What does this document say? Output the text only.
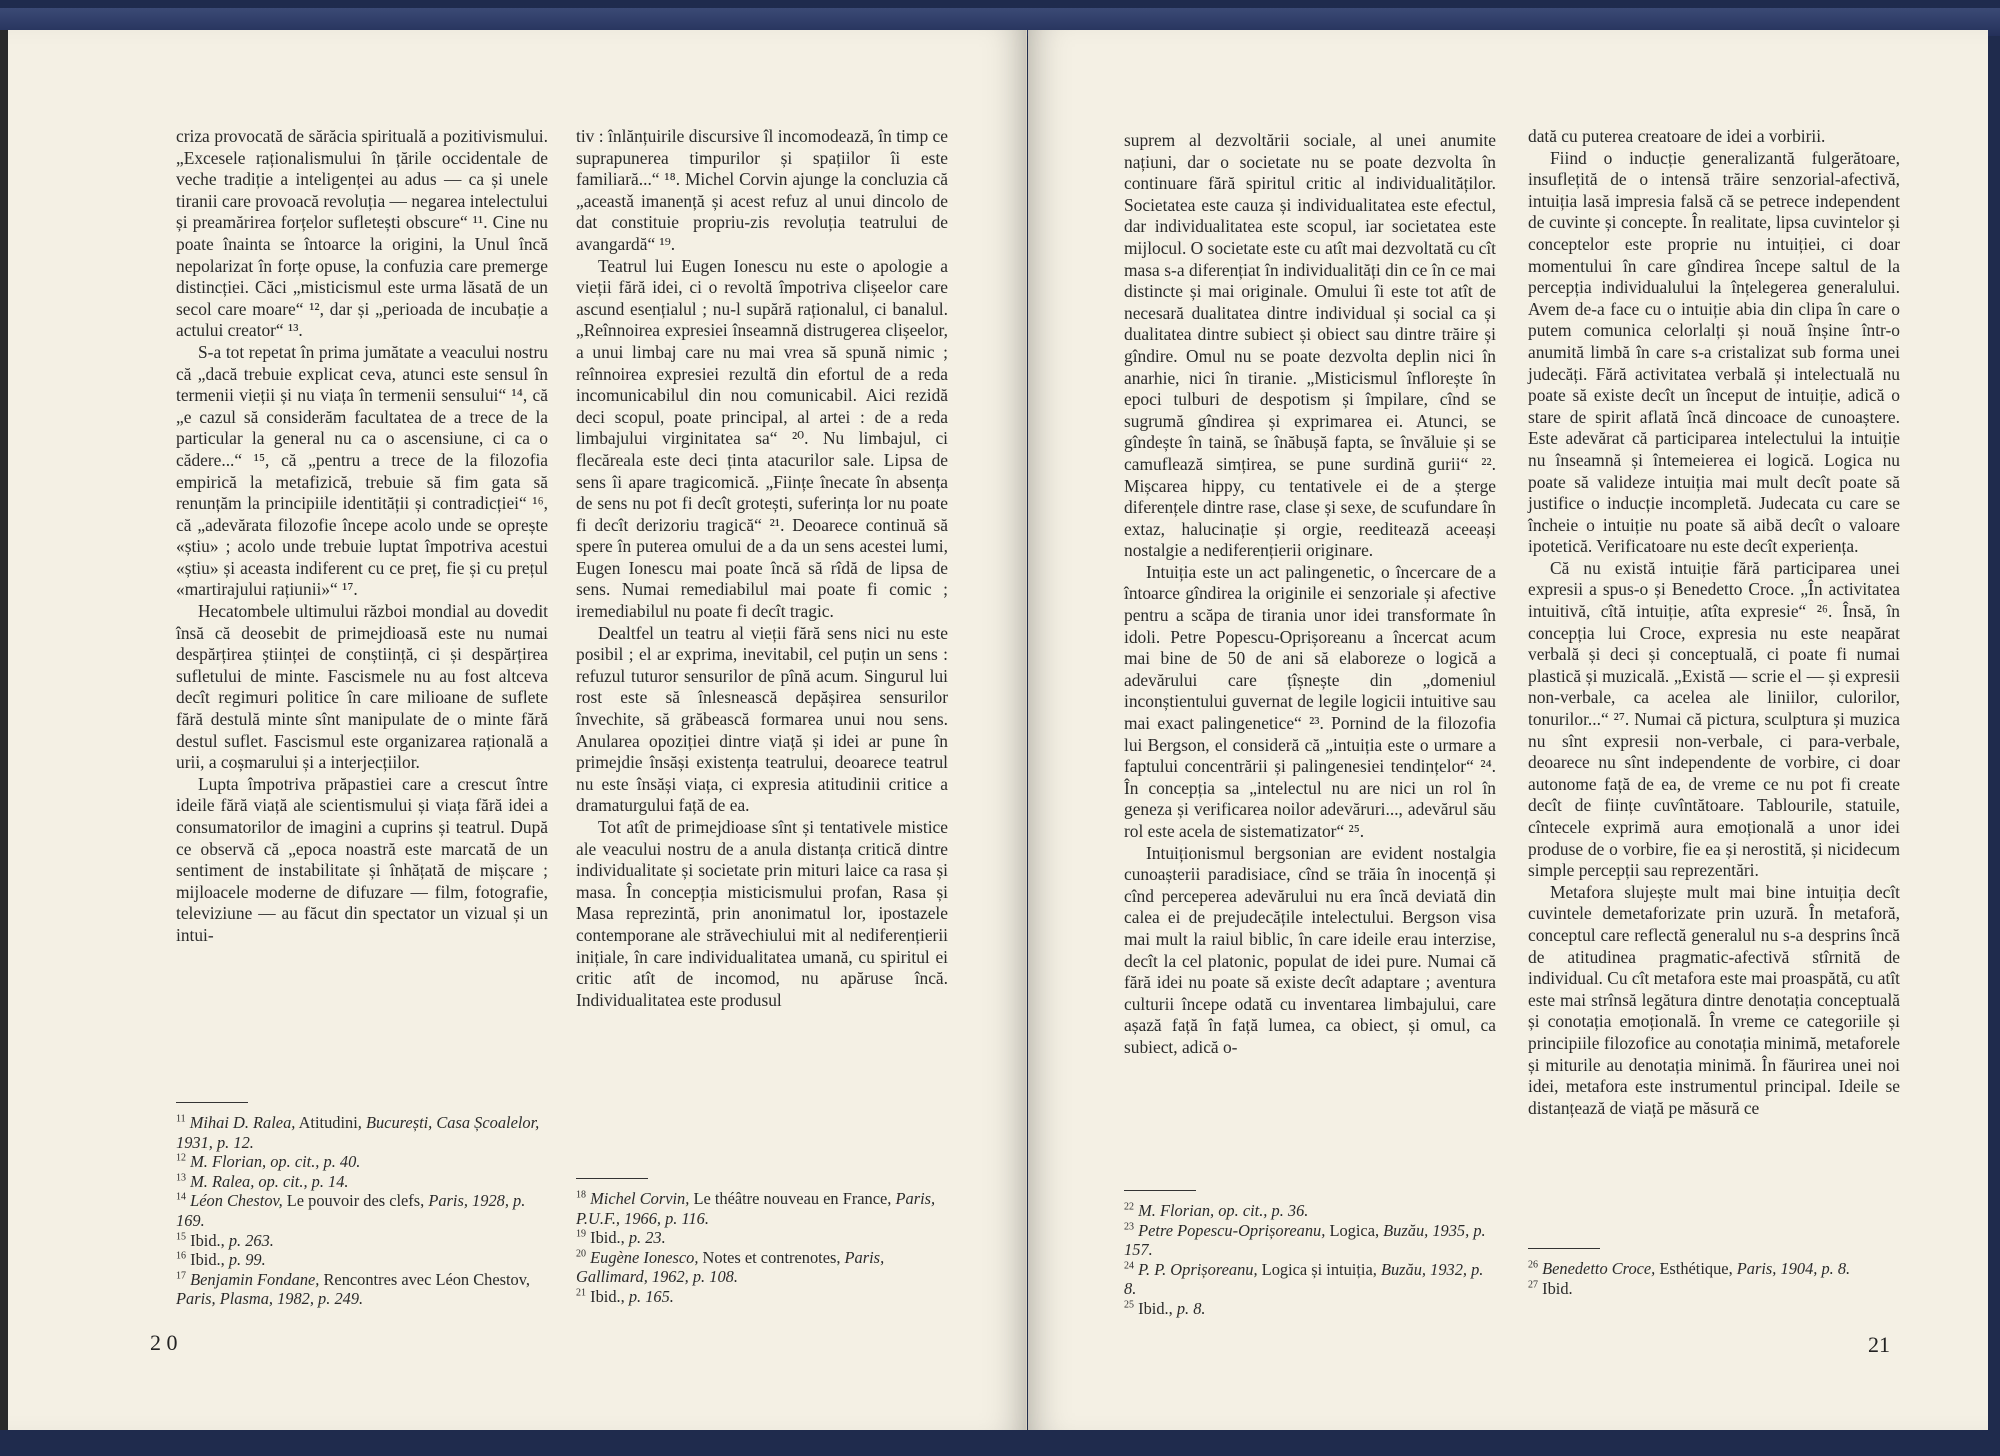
criza provocată de sărăcia spirituală a pozitivismului. „Excesele raționalismului în țările occidentale de veche tradiție a inteligenței au adus — ca și unele tiranii care provoacă revoluția — negarea intelectului și preamărirea forțelor sufletești obscure“ ¹¹. Cine nu poate înainta se întoarce la origini, la Unul încă nepolarizat în forțe opuse, la confuzia care premerge distincției. Căci „misticismul este urma lăsată de un secol care moare“ ¹², dar și „perioada de incubație a actului creator“ ¹³.

S-a tot repetat în prima jumătate a veacului nostru că „dacă trebuie explicat ceva, atunci este sensul în termenii vieții și nu viața în termenii sensului“ ¹⁴, că „e cazul să considerăm facultatea de a trece de la particular la general nu ca o ascensiune, ci ca o cădere...“ ¹⁵, că „pentru a trece de la filozofia empirică la metafizică, trebuie să fim gata să renunțăm la principiile identității și contradicției“ ¹⁶, că „adevărata filozofie începe acolo unde se oprește «știu» ; acolo unde trebuie luptat împotriva acestui «știu» și aceasta indiferent cu ce preț, fie și cu prețul «martirajului rațiunii»“ ¹⁷.

Hecatombele ultimului război mondial au dovedit însă că deosebit de primejdioasă este nu numai despărțirea științei de conștiință, ci și despărțirea sufletului de minte. Fascismele nu au fost altceva decît regimuri politice în care milioane de suflete fără destulă minte sînt manipulate de o minte fără destul suflet. Fascismul este organizarea rațională a urii, a coșmarului și a interjecțiilor.

Lupta împotriva prăpastiei care a crescut între ideile fără viață ale scientismului și viața fără idei a consumatorilor de imagini a cuprins și teatrul. După ce observă că „epoca noastră este marcată de un sentiment de instabilitate și înhățată de mișcare ; mijloacele moderne de difuzare — film, fotografie, televiziune — au făcut din spectator un vizual și un intui-

$^{11}$ Mihai D. Ralea, Atitudini, București, Casa Școalelor, 1931, p. 12.

$^{12}$ M. Florian, op. cit., p. 40.

$^{13}$ M. Ralea, op. cit., p. 14.

$^{14}$ Léon Chestov, Le pouvoir des clefs, Paris, 1928, p. 169.

$^{15}$ Ibid., p. 263.

$^{16}$ Ibid., p. 99.

$^{17}$ Benjamin Fondane, Rencontres avec Léon Chestov, Paris, Plasma, 1982, p. 249.

tiv : înlănțuirile discursive îl incomodează, în timp ce suprapunerea timpurilor și spațiilor îi este familiară...“ ¹⁸. Michel Corvin ajunge la concluzia că „aceastǎ imanență și acest refuz al unui dincolo de dat constituie propriu-zis revoluția teatrului de avangardă“ ¹⁹.

Teatrul lui Eugen Ionescu nu este o apologie a vieții fără idei, ci o revoltă împotriva clișeelor care ascund esențialul ; nu-l supără raționalul, ci banalul. „Reînnoirea expresiei înseamnă distrugerea clișeelor, a unui limbaj care nu mai vrea să spună nimic ; reînnoirea expresiei rezultă din efortul de a reda incomunicabilul din nou comunicabil. Aici rezidă deci scopul, poate principal, al artei : de a reda limbajului virginitatea sa“ ²⁰. Nu limbajul, ci flecăreala este deci ținta atacurilor sale. Lipsa de sens îi apare tragicomică. „Ființe înecate în absența de sens nu pot fi decît grotești, suferința lor nu poate fi decît derizoriu tragică“ ²¹. Deoarece continuă să spere în puterea omului de a da un sens acestei lumi, Eugen Ionescu mai poate încă să rîdă de lipsa de sens. Numai remediabilul mai poate fi comic ; iremediabilul nu poate fi decît tragic.

Dealtfel un teatru al vieții fără sens nici nu este posibil ; el ar exprima, inevitabil, cel puțin un sens : refuzul tuturor sensurilor de pînă acum. Singurul lui rost este să înlesnească depășirea sensurilor învechite, să grăbească formarea unui nou sens. Anularea opoziției dintre viață și idei ar pune în primejdie însăși existența teatrului, deoarece teatrul nu este însăși viața, ci expresia atitudinii critice a dramaturgului față de ea.

Tot atît de primejdioase sînt și tentativele mistice ale veacului nostru de a anula distanța critică dintre individualitate și societate prin mituri laice ca rasa și masa. În concepția misticismului profan, Rasa și Masa reprezintă, prin anonimatul lor, ipostazele contemporane ale străvechiului mit al nediferențierii inițiale, în care individualitatea umană, cu spiritul ei critic atît de incomod, nu apăruse încă. Individualitatea este produsul

$^{18}$ Michel Corvin, Le théâtre nouveau en France, Paris, P.U.F., 1966, p. 116.

$^{19}$ Ibid., p. 23.

$^{20}$ Eugène Ionesco, Notes et contrenotes, Paris, Gallimard, 1962, p. 108.

$^{21}$ Ibid., p. 165.

2 0

suprem al dezvoltării sociale, al unei anumite națiuni, dar o societate nu se poate dezvolta în continuare fără spiritul critic al individualităților. Societatea este cauza și individualitatea este efectul, dar individualitatea este scopul, iar societatea este mijlocul. O societate este cu atît mai dezvoltată cu cît masa s-a diferențiat în individualități din ce în ce mai distincte și mai originale. Omului îi este tot atît de necesară dualitatea dintre individual și social ca și dualitatea dintre subiect și obiect sau dintre trăire și gîndire. Omul nu se poate dezvolta deplin nici în anarhie, nici în tiranie. „Misticismul înflorește în epoci tulburi de despotism și împilare, cînd se sugrumă gîndirea și exprimarea ei. Atunci, se gîndește în taină, se înăbușă fapta, se învăluie și se camuflează simțirea, se pune surdină gurii“ ²². Mișcarea hippy, cu tentativele ei de a șterge diferențele dintre rase, clase și sexe, de scufundare în extaz, halucinație și orgie, reeditează aceeași nostalgie a nediferențierii originare.

Intuiția este un act palingenetic, o încercare de a întoarce gîndirea la originile ei senzoriale și afective pentru a scăpa de tirania unor idei transformate în idoli. Petre Popescu-Oprișoreanu a încercat acum mai bine de 50 de ani să elaboreze o logică a adevărului care țîșnește din „domeniul inconștientului guvernat de legile logicii intuitive sau mai exact palingenetice“ ²³. Pornind de la filozofia lui Bergson, el consideră că „intuiția este o urmare a faptului concentrării și palingenesiei tendințelor“ ²⁴. În concepția sa „intelectul nu are nici un rol în geneza și verificarea noilor adevăruri..., adevărul său rol este acela de sistematizator“ ²⁵.

Intuiționismul bergsonian are evident nostalgia cunoașterii paradisiace, cînd se trăia în inocență și cînd perceperea adevărului nu era încă deviată din calea ei de prejudecățile intelectului. Bergson visa mai mult la raiul biblic, în care ideile erau interzise, decît la cel platonic, populat de idei pure. Numai că fără idei nu poate să existe decît adaptare ; aventura culturii începe odată cu inventarea limbajului, care așază față în față lumea, ca obiect, și omul, ca subiect, adică o-

$^{22}$ M. Florian, op. cit., p. 36.

$^{23}$ Petre Popescu-Oprișoreanu, Logica, Buzău, 1935, p. 157.

$^{24}$ P. P. Oprișoreanu, Logica și intuiția, Buzău, 1932, p. 8.

$^{25}$ Ibid., p. 8.

dată cu puterea creatoare de idei a vorbirii.

Fiind o inducție generalizantă fulgerătoare, insuflețită de o intensă trăire senzorial-afectivă, intuiția lasă impresia falsă că se petrece independent de cuvinte și concepte. În realitate, lipsa cuvintelor și conceptelor este proprie nu intuiției, ci doar momentului în care gîndirea începe saltul de la percepția individualului la înțelegerea generalului. Avem de-a face cu o intuiție abia din clipa în care o putem comunica celorlalți și nouă înșine într-o anumită limbă în care s-a cristalizat sub forma unei judecăți. Fără activitatea verbală și intelectuală nu poate să existe decît un început de intuiție, adică o stare de spirit aflată încă dincoace de cunoaștere. Este adevărat că participarea intelectului la intuiție nu înseamnă și întemeierea ei logică. Logica nu poate să valideze intuiția mai mult decît poate să justifice o inducție incompletă. Judecata cu care se încheie o intuiție nu poate să aibă decît o valoare ipotetică. Verificatoare nu este decît experiența.

Că nu există intuiție fără participarea unei expresii a spus-o și Benedetto Croce. „În activitatea intuitivă, cîtă intuiție, atîta expresie“ ²⁶. Însă, în concepția lui Croce, expresia nu este neapărat verbală și deci și conceptuală, ci poate fi numai plastică și muzicală. „Există — scrie el — și expresii non-verbale, ca acelea ale liniilor, culorilor, tonurilor...“ ²⁷. Numai că pictura, sculptura și muzica nu sînt expresii non-verbale, ci para-verbale, deoarece nu sînt independente de vorbire, ci doar autonome față de ea, de vreme ce nu pot fi create decît de ființe cuvîntătoare. Tablourile, statuile, cîntecele exprimă aura emoțională a unor idei produse de o vorbire, fie ea și nerostită, și nicidecum simple percepții sau reprezentări.

Metafora slujește mult mai bine intuiția decît cuvintele demetaforizate prin uzură. În metaforă, conceptul care reflectă generalul nu s-a desprins încă de atitudinea pragmatic-afectivă stîrnită de individual. Cu cît metafora este mai proaspătă, cu atît este mai strînsă legătura dintre denotația conceptuală și conotația emoțională. În vreme ce categoriile și principiile filozofice au conotația minimă, metaforele și miturile au denotația minimă. În făurirea unei noi idei, metafora este instrumentul principal. Ideile se distanțează de viață pe măsură ce

$^{26}$ Benedetto Croce, Esthétique, Paris, 1904, p. 8.

$^{27}$ Ibid.

21
